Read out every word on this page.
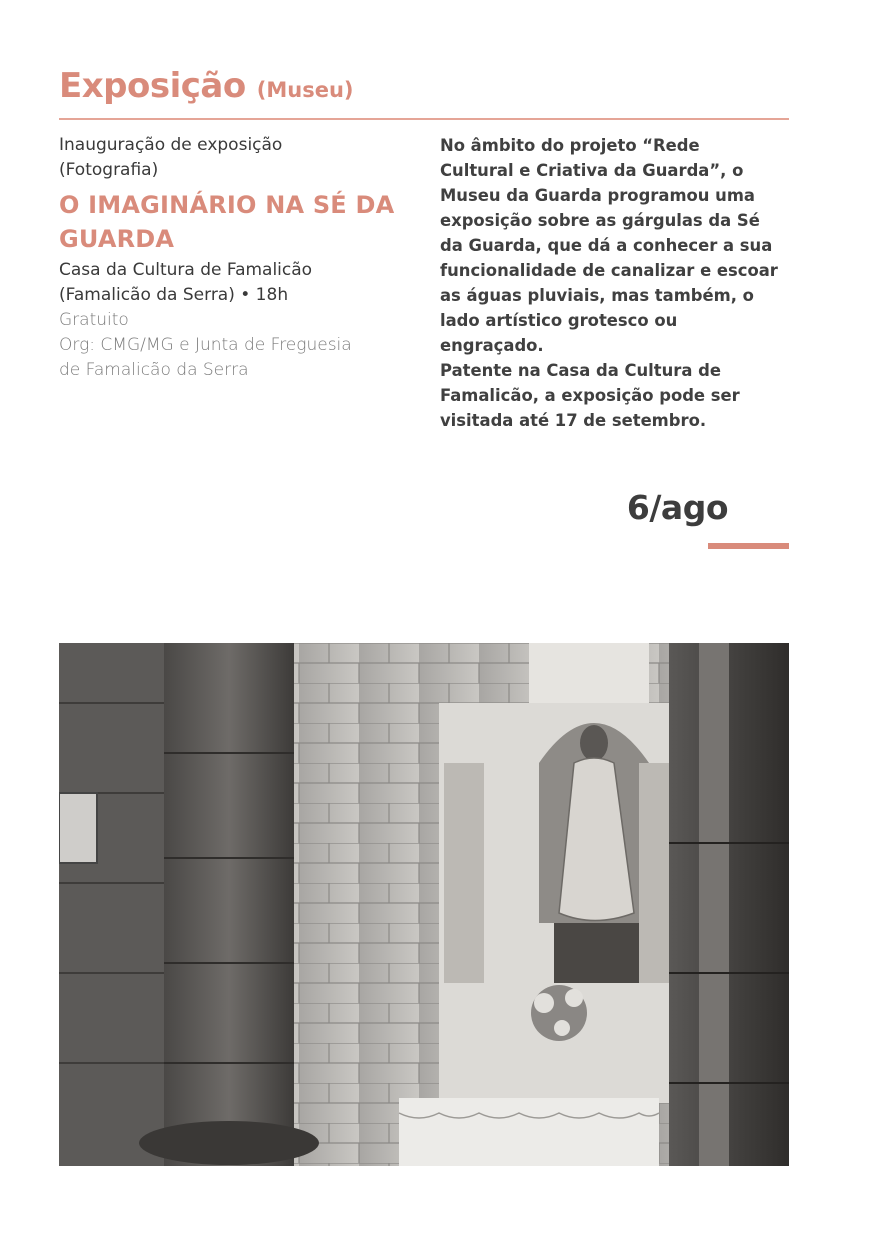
Exposição (Museu)
Inauguração de exposição
(Fotografia)
O IMAGINÁRIO NA SÉ DA
GUARDA
Casa da Cultura de Famalicão
(Famalicão da Serra) • 18h
Gratuito
Org: CMG/MG e Junta de Freguesia
de Famalicão da Serra
No âmbito do projeto “Rede
Cultural e Criativa da Guarda”, o
Museu da Guarda programou uma
exposição sobre as gárgulas da Sé
da Guarda, que dá a conhecer a sua
funcionalidade de canalizar e escoar
as águas pluviais, mas também, o
lado artístico grotesco ou engraçado.
Patente na Casa da Cultura de
Famalicão, a exposição pode ser
visitada até 17 de setembro.
6/ago
